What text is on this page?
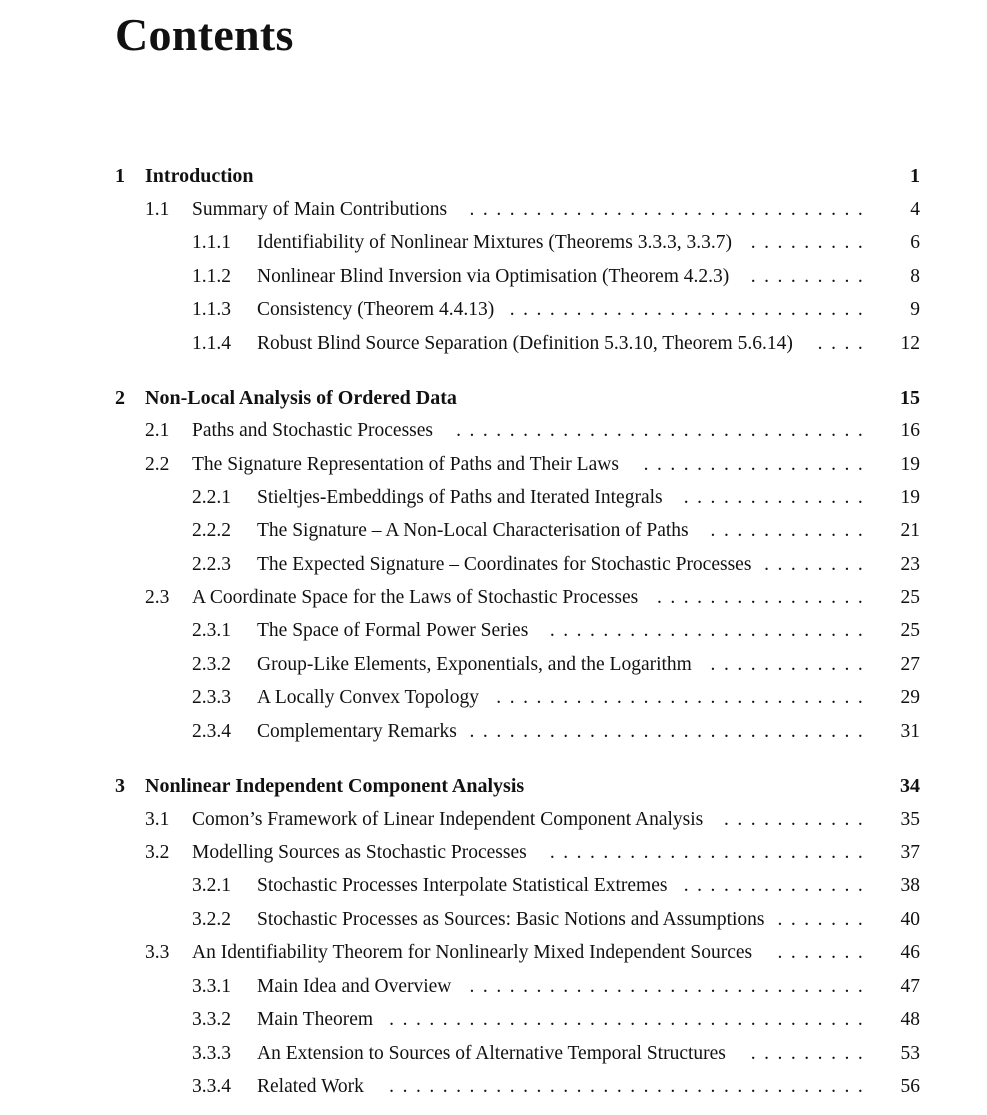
Contents
1 Introduction	1
1.1 Summary of Main Contributions . . . . . . . . . . . . . . . . . . . . . . . . . . . . . . 4
1.1.1 Identifiability of Nonlinear Mixtures (Theorems 3.3.3, 3.3.7) . . . . . . . . . 6
1.1.2 Nonlinear Blind Inversion via Optimisation (Theorem 4.2.3) . . . . . . . . . 8
1.1.3 Consistency (Theorem 4.4.13) . . . . . . . . . . . . . . . . . . . . . . . . . . . 9
1.1.4 Robust Blind Source Separation (Definition 5.3.10, Theorem 5.6.14) . . . . 12
2 Non-Local Analysis of Ordered Data	15
2.1 Paths and Stochastic Processes . . . . . . . . . . . . . . . . . . . . . . . . . . . . . . . 16
2.2 The Signature Representation of Paths and Their Laws . . . . . . . . . . . . . . . . . 19
2.2.1 Stieltjes-Embeddings of Paths and Iterated Integrals . . . . . . . . . . . . . . 19
2.2.2 The Signature – A Non-Local Characterisation of Paths . . . . . . . . . . . . 21
2.2.3 The Expected Signature – Coordinates for Stochastic Processes . . . . . . . . 23
2.3 A Coordinate Space for the Laws of Stochastic Processes . . . . . . . . . . . . . . . . 25
2.3.1 The Space of Formal Power Series . . . . . . . . . . . . . . . . . . . . . . . . 25
2.3.2 Group-Like Elements, Exponentials, and the Logarithm . . . . . . . . . . . . 27
2.3.3 A Locally Convex Topology . . . . . . . . . . . . . . . . . . . . . . . . . . . . 29
2.3.4 Complementary Remarks . . . . . . . . . . . . . . . . . . . . . . . . . . . . . . 31
3 Nonlinear Independent Component Analysis	34
3.1 Comon’s Framework of Linear Independent Component Analysis . . . . . . . . . . . 35
3.2 Modelling Sources as Stochastic Processes . . . . . . . . . . . . . . . . . . . . . . . . 37
3.2.1 Stochastic Processes Interpolate Statistical Extremes . . . . . . . . . . . . . . 38
3.2.2 Stochastic Processes as Sources: Basic Notions and Assumptions . . . . . . . 40
3.3 An Identifiability Theorem for Nonlinearly Mixed Independent Sources . . . . . . . 46
3.3.1 Main Idea and Overview . . . . . . . . . . . . . . . . . . . . . . . . . . . . . . 47
3.3.2 Main Theorem . . . . . . . . . . . . . . . . . . . . . . . . . . . . . . . . . . . . 48
3.3.3 An Extension to Sources of Alternative Temporal Structures . . . . . . . . . 53
3.3.4 Related Work . . . . . . . . . . . . . . . . . . . . . . . . . . . . . . . . . . . . 56
